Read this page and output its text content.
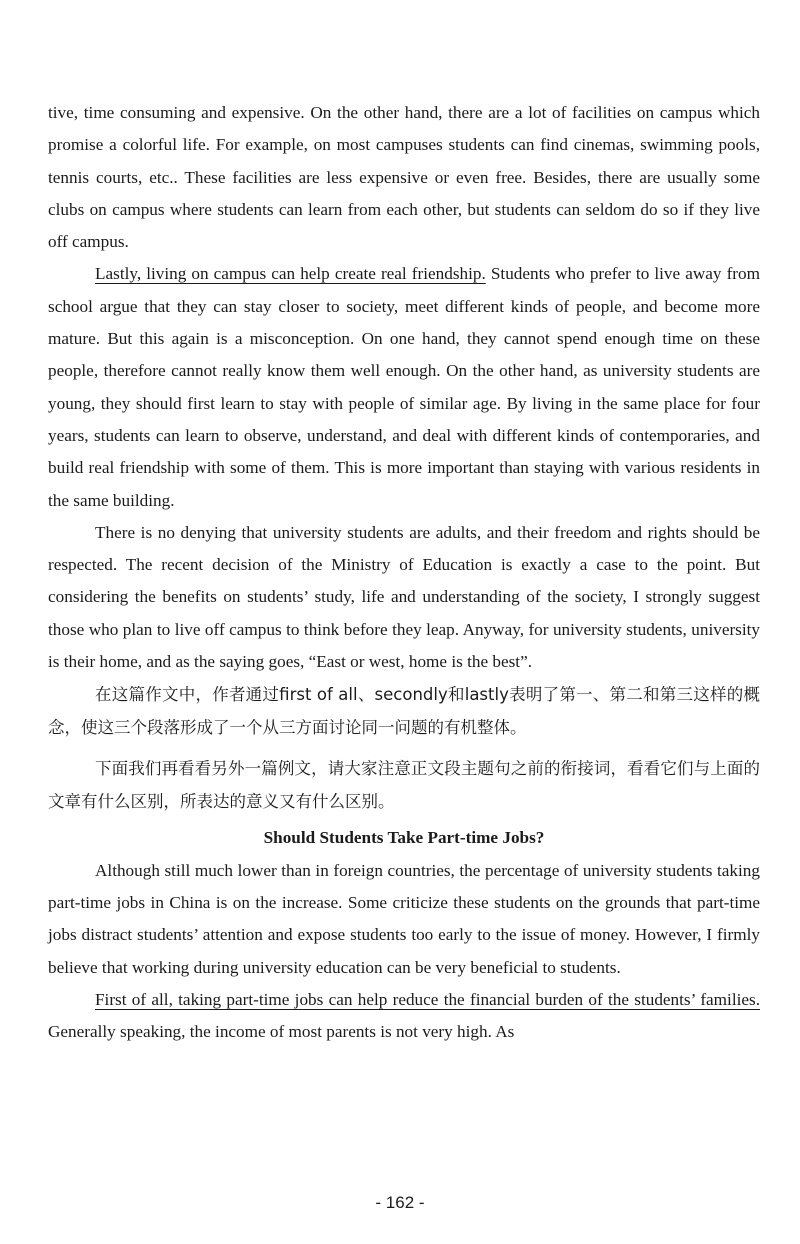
tive, time consuming and expensive. On the other hand, there are a lot of facilities on campus which promise a colorful life. For example, on most campuses students can find cinemas, swimming pools, tennis courts, etc.. These facilities are less expensive or even free. Besides, there are usually some clubs on campus where students can learn from each other, but students can seldom do so if they live off campus.

Lastly, living on campus can help create real friendship. Students who prefer to live away from school argue that they can stay closer to society, meet different kinds of people, and become more mature. But this again is a misconception. On one hand, they cannot spend enough time on these people, therefore cannot really know them well enough. On the other hand, as university students are young, they should first learn to stay with people of similar age. By living in the same place for four years, students can learn to observe, understand, and deal with different kinds of contemporaries, and build real friendship with some of them. This is more important than staying with various residents in the same building.

There is no denying that university students are adults, and their freedom and rights should be respected. The recent decision of the Ministry of Education is exactly a case to the point. But considering the benefits on students’ study, life and understanding of the society, I strongly suggest those who plan to live off campus to think before they leap. Anyway, for university students, university is their home, and as the saying goes, “East or west, home is the best”.

在这篇作文中，作者通过first of all、secondly和lastly表明了第一、第二和第三这样的概念，使这三个段落形成了一个从三方面讨论同一问题的有机整体。

下面我们再看看另外一篇例文，请大家注意正文段主题句之前的衔接词，看看它们与上面的文章有什么区别，所表达的意义又有什么区别。

Should Students Take Part-time Jobs?

Although still much lower than in foreign countries, the percentage of university students taking part-time jobs in China is on the increase. Some criticize these students on the grounds that part-time jobs distract students’ attention and expose students too early to the issue of money. However, I firmly believe that working during university education can be very beneficial to students.

First of all, taking part-time jobs can help reduce the financial burden of the students’ families. Generally speaking, the income of most parents is not very high. As

- 162 -
